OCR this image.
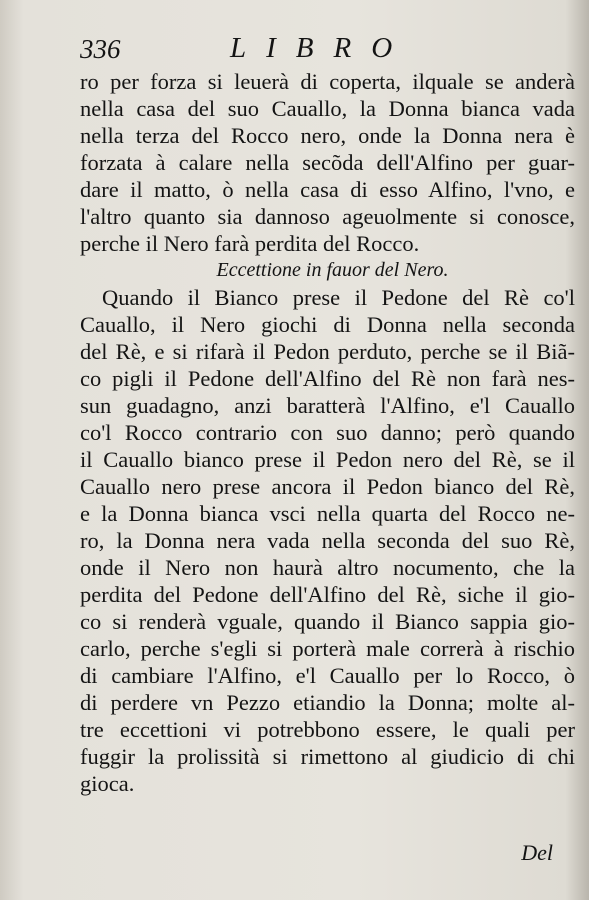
336	LIBRO
ro per forza si leuerà di coperta, ilquale se anderà
nella casa del suo Cauallo, la Donna bianca vada
nella terza del Rocco nero, onde la Donna nera è
forzata à calare nella secõda dell'Alfino per guar-
dare il matto, ò nella casa di esso Alfino, l'vno, e
l'altro quanto sia dannoso ageuolmente si conosce,
perche il Nero farà perdita del Rocco.
Eccettione in fauor del Nero.
Quando il Bianco prese il Pedone del Rè co'l
Cauallo, il Nero giochi di Donna nella seconda
del Rè, e si rifarà il Pedon perduto, perche se il Biã-
co pigli il Pedone dell'Alfino del Rè non farà nes-
sun guadagno, anzi baratterà l'Alfino, e'l Cauallo
co'l Rocco contrario con suo danno; però quando
il Cauallo bianco prese il Pedon nero del Rè, se il
Cauallo nero prese ancora il Pedon bianco del Rè,
e la Donna bianca vsci nella quarta del Rocco ne-
ro, la Donna nera vada nella seconda del suo Rè,
onde il Nero non haurà altro nocumento, che la
perdita del Pedone dell'Alfino del Rè, siche il gio-
co si renderà vguale, quando il Bianco sappia gio-
carlo, perche s'egli si porterà male correrà à rischio
di cambiare l'Alfino, e'l Cauallo per lo Rocco, ò
di perdere vn Pezzo etiandio la Donna; molte al-
tre eccettioni vi potrebbono essere, le quali per
fuggir la prolissità si rimettono al giudicio di chi
gioca.
Del
